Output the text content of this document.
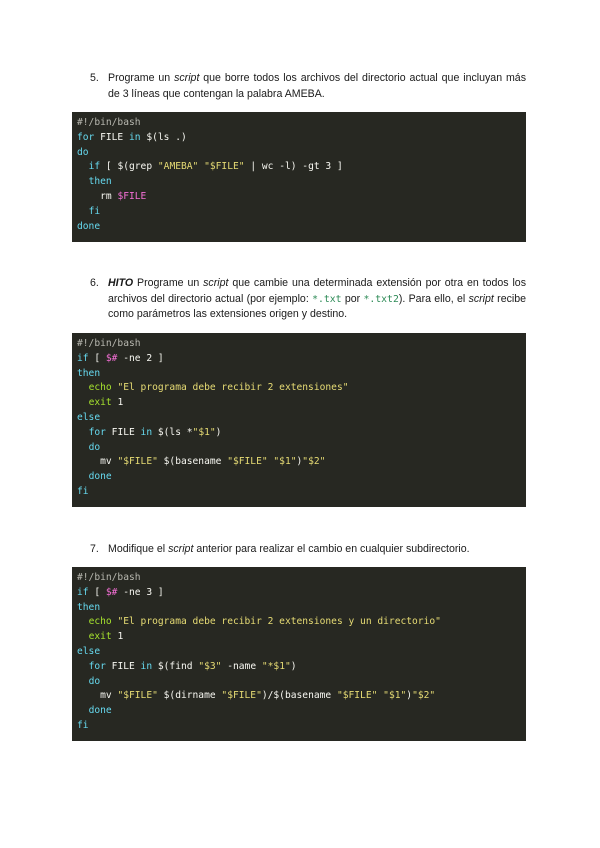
5. Programe un script que borre todos los archivos del directorio actual que incluyan más de 3 líneas que contengan la palabra AMEBA.
#!/bin/bash
for FILE in $(ls .)
do
if [ $(grep "AMEBA" "$FILE" | wc -l) -gt 3 ]
then
rm $FILE
fi
done
6. HITO Programe un script que cambie una determinada extensión por otra en todos los archivos del directorio actual (por ejemplo: *.txt por *.txt2). Para ello, el script recibe como parámetros las extensiones origen y destino.
#!/bin/bash
if [ $# -ne 2 ]
then
echo "El programa debe recibir 2 extensiones"
exit 1
else
for FILE in $(ls *"$1")
do
mv "$FILE" $(basename "$FILE" "$1")"$2"
done
fi
7. Modifique el script anterior para realizar el cambio en cualquier subdirectorio.
#!/bin/bash
if [ $# -ne 3 ]
then
echo "El programa debe recibir 2 extensiones y un directorio"
exit 1
else
for FILE in $(find "$3" -name "*$1")
do
mv "$FILE" $(dirname "$FILE")/$(basename "$FILE" "$1")"$2"
done
fi
